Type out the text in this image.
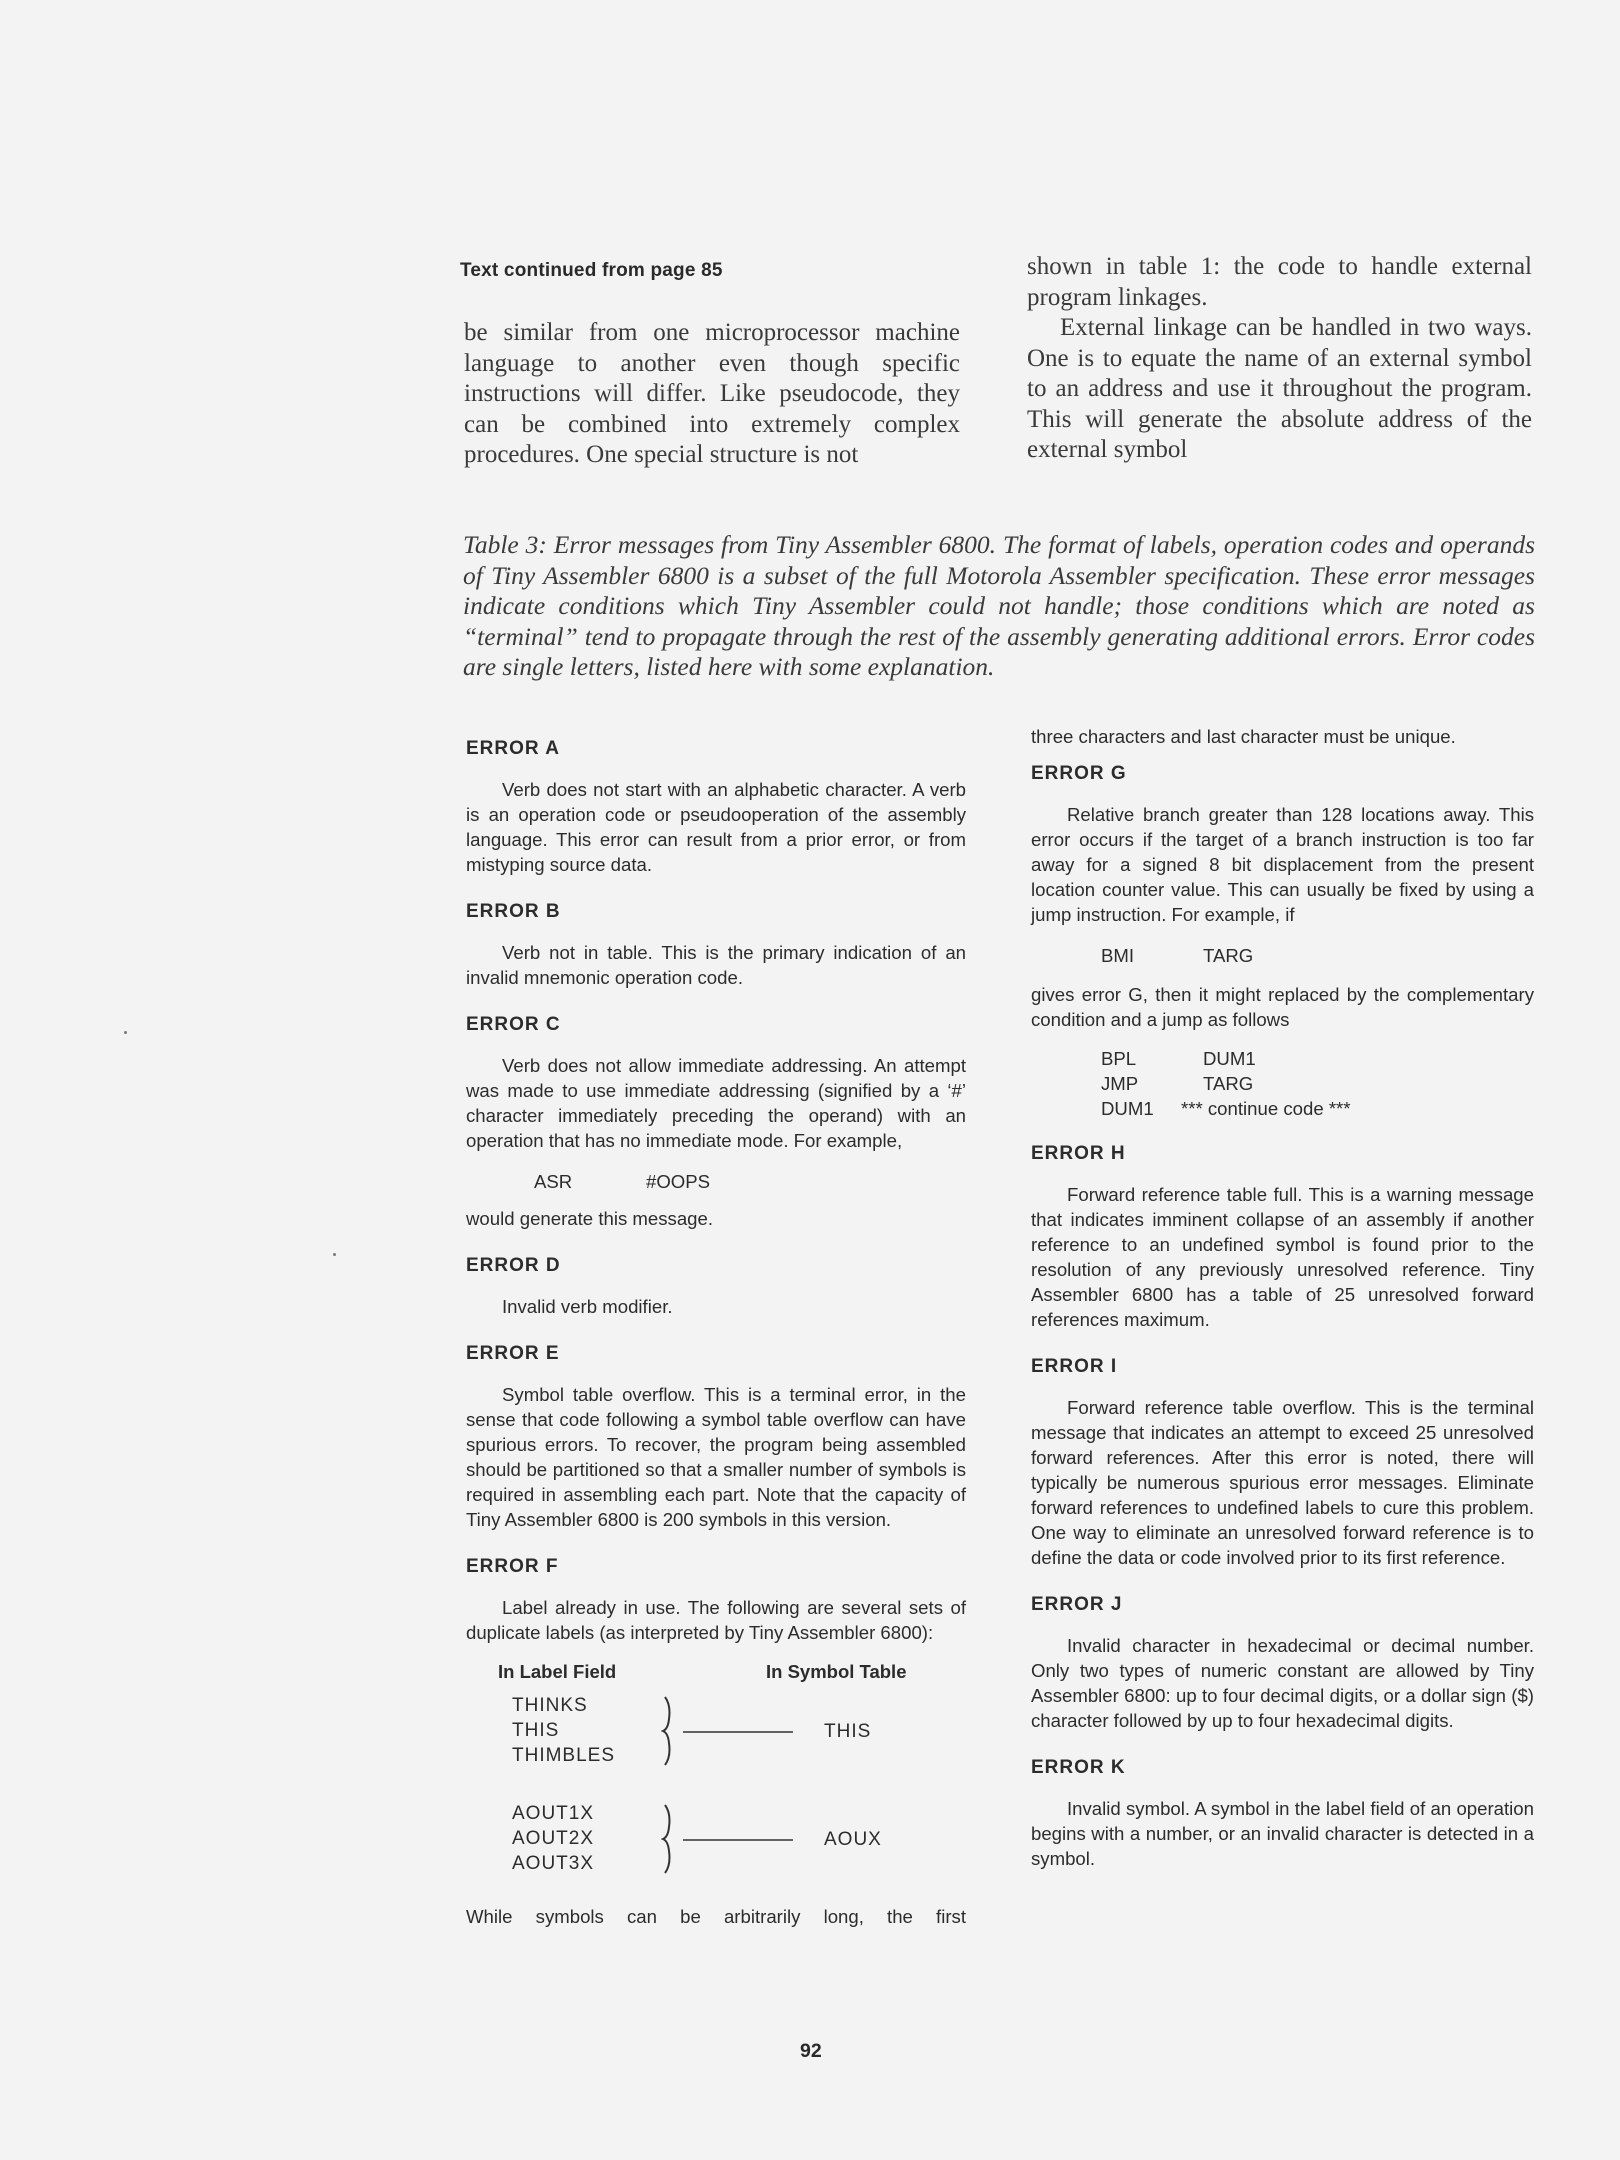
Text continued from page 85

be similar from one microprocessor machine language to another even though specific instructions will differ. Like pseudocode, they can be combined into extremely complex procedures. One special structure is not

shown in table 1: the code to handle external program linkages.

External linkage can be handled in two ways. One is to equate the name of an external symbol to an address and use it throughout the program. This will generate the absolute address of the external symbol

Table 3: Error messages from Tiny Assembler 6800. The format of labels, operation codes and operands of Tiny Assembler 6800 is a subset of the full Motorola Assembler specification. These error messages indicate conditions which Tiny Assembler could not handle; those conditions which are noted as “terminal” tend to propagate through the rest of the assembly generating additional errors. Error codes are single letters, listed here with some explanation.

ERROR A

Verb does not start with an alphabetic character. A verb is an operation code or pseudooperation of the assembly language. This error can result from a prior error, or from mistyping source data.

ERROR B

Verb not in table. This is the primary indication of an invalid mnemonic operation code.

ERROR C

Verb does not allow immediate addressing. An attempt was made to use immediate addressing (signified by a ‘#’ character immediately preceding the operand) with an operation that has no immediate mode. For example,

ASR	#OOPS

would generate this message.

ERROR D

Invalid verb modifier.

ERROR E

Symbol table overflow. This is a terminal error, in the sense that code following a symbol table overflow can have spurious errors. To recover, the program being assembled should be partitioned so that a smaller number of symbols is required in assembling each part. Note that the capacity of Tiny Assembler 6800 is 200 symbols in this version.

ERROR F

Label already in use. The following are several sets of duplicate labels (as interpreted by Tiny Assembler 6800):

In Label Field	In Symbol Table
THINKS
THIS
THIMBLES
THIS
AOUT1X
AOUT2X
AOUT3X
AOUX

While symbols can be arbitrarily long, the first

three characters and last character must be unique.

ERROR G

Relative branch greater than 128 locations away. This error occurs if the target of a branch instruction is too far away for a signed 8 bit displacement from the present location counter value. This can usually be fixed by using a jump instruction. For example, if

BMI	TARG

gives error G, then it might replaced by the complementary condition and a jump as follows

BPL	DUM1
JMP	TARG
DUM1	*** continue code ***
ERROR H

Forward reference table full. This is a warning message that indicates imminent collapse of an assembly if another reference to an undefined symbol is found prior to the resolution of any previously unresolved reference. Tiny Assembler 6800 has a table of 25 unresolved forward references maximum.

ERROR I

Forward reference table overflow. This is the terminal message that indicates an attempt to exceed 25 unresolved forward references. After this error is noted, there will typically be numerous spurious error messages. Eliminate forward references to undefined labels to cure this problem. One way to eliminate an unresolved forward reference is to define the data or code involved prior to its first reference.

ERROR J

Invalid character in hexadecimal or decimal number. Only two types of numeric constant are allowed by Tiny Assembler 6800: up to four decimal digits, or a dollar sign ($) character followed by up to four hexadecimal digits.

ERROR K

Invalid symbol. A symbol in the label field of an operation begins with a number, or an invalid character is detected in a symbol.

92
